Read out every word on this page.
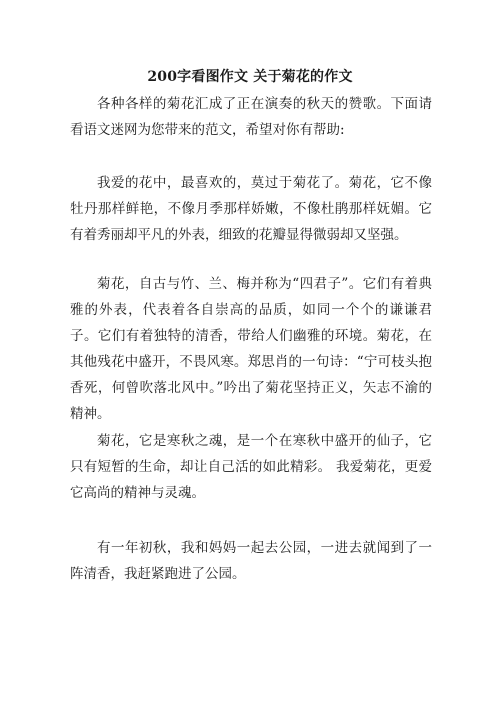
200字看图作文 关于菊花的作文

各种各样的菊花汇成了正在演奏的秋天的赞歌。下面请看语文迷网为您带来的范文，希望对你有帮助:

我爱的花中，最喜欢的，莫过于菊花了。菊花，它不像牡丹那样鲜艳，不像月季那样娇嫩，不像杜鹃那样妩媚。它有着秀丽却平凡的外表，细致的花瓣显得微弱却又坚强。

菊花，自古与竹、兰、梅并称为“四君子”。它们有着典雅的外表，代表着各自崇高的品质，如同一个个的谦谦君子。它们有着独特的清香，带给人们幽雅的环境。菊花，在其他残花中盛开，不畏风寒。郑思肖的一句诗：“宁可枝头抱香死，何曾吹落北风中。”吟出了菊花坚持正义，矢志不渝的精神。

菊花，它是寒秋之魂，是一个在寒秋中盛开的仙子，它只有短暂的生命，却让自己活的如此精彩。 我爱菊花，更爱它高尚的精神与灵魂。

有一年初秋，我和妈妈一起去公园，一进去就闻到了一阵清香，我赶紧跑进了公园。
